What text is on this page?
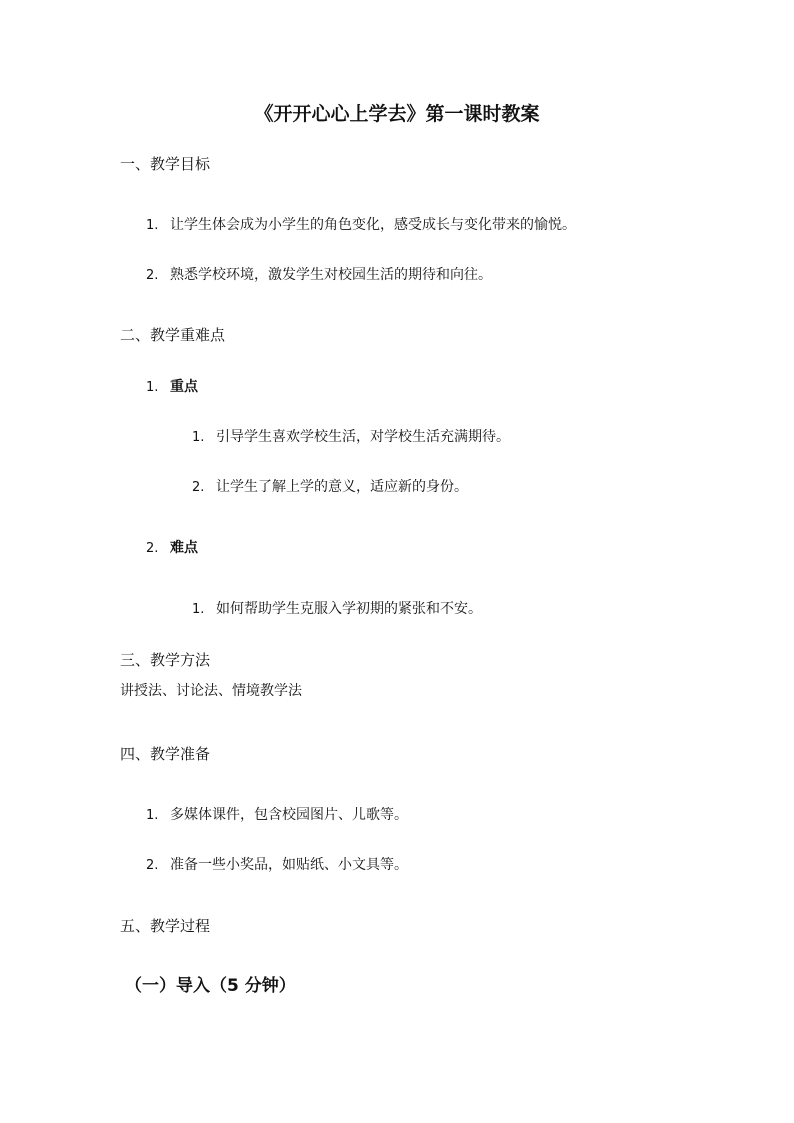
《开开心心上学去》第一课时教案
一、教学目标
1. 让学生体会成为小学生的角色变化，感受成长与变化带来的愉悦。
2. 熟悉学校环境，激发学生对校园生活的期待和向往。
二、教学重难点
1. 重点
1. 引导学生喜欢学校生活，对学校生活充满期待。
2. 让学生了解上学的意义，适应新的身份。
2. 难点
1. 如何帮助学生克服入学初期的紧张和不安。
三、教学方法
讲授法、讨论法、情境教学法
四、教学准备
1. 多媒体课件，包含校园图片、儿歌等。
2. 准备一些小奖品，如贴纸、小文具等。
五、教学过程
（一）导入（5 分钟）
